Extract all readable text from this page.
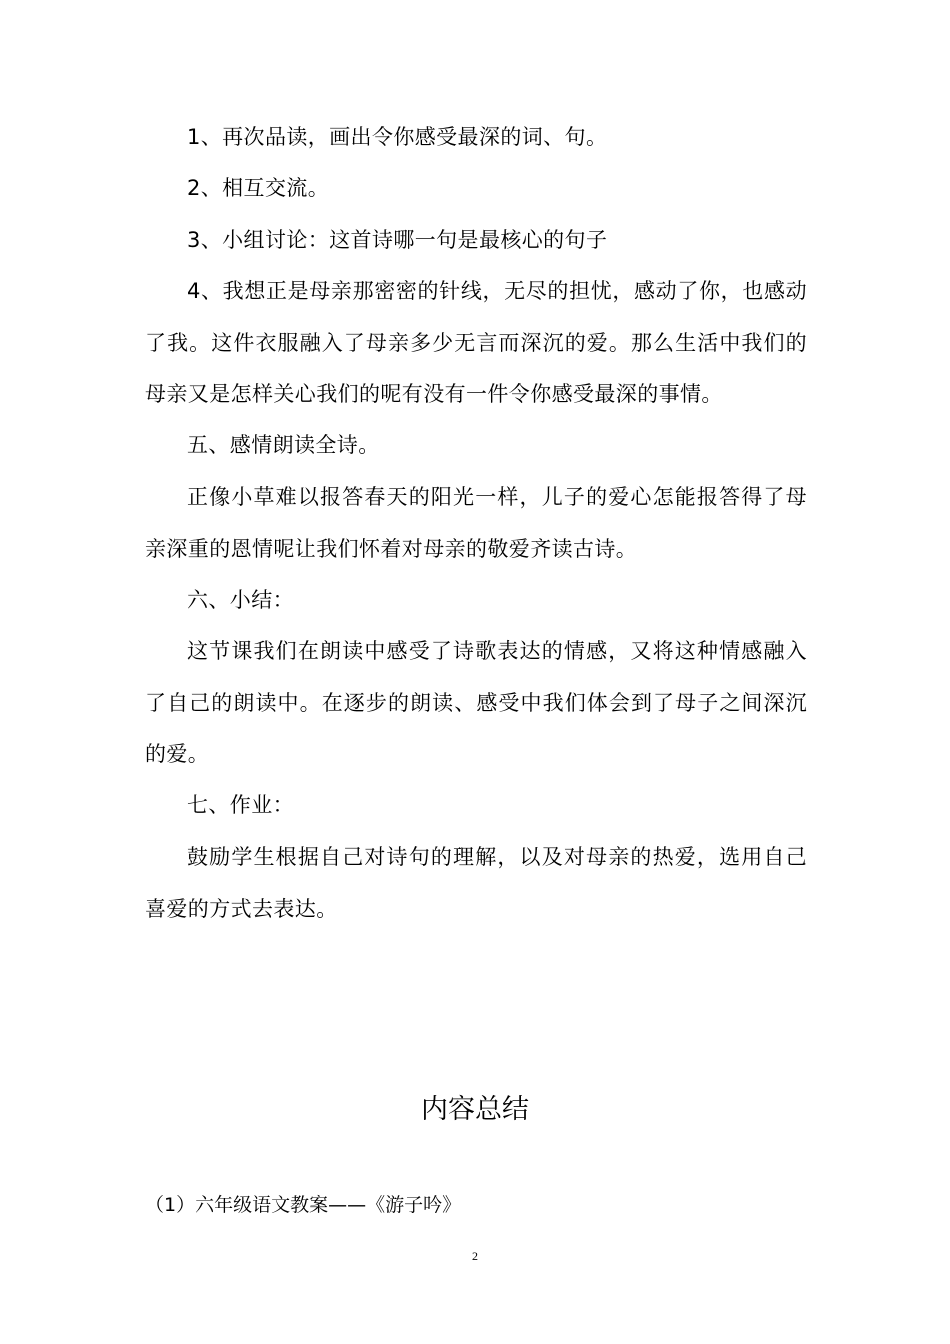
1、再次品读，画出令你感受最深的词、句。

2、相互交流。

3、小组讨论：这首诗哪一句是最核心的句子

4、我想正是母亲那密密的针线，无尽的担忧，感动了你，也感动了我。这件衣服融入了母亲多少无言而深沉的爱。那么生活中我们的母亲又是怎样关心我们的呢有没有一件令你感受最深的事情。

五、感情朗读全诗。

正像小草难以报答春天的阳光一样，儿子的爱心怎能报答得了母亲深重的恩情呢让我们怀着对母亲的敬爱齐读古诗。

六、小结：

这节课我们在朗读中感受了诗歌表达的情感，又将这种情感融入了自己的朗读中。在逐步的朗读、感受中我们体会到了母子之间深沉的爱。

七、作业：

鼓励学生根据自己对诗句的理解，以及对母亲的热爱，选用自己喜爱的方式去表达。

内容总结

（1）六年级语文教案——《游子吟》

2
